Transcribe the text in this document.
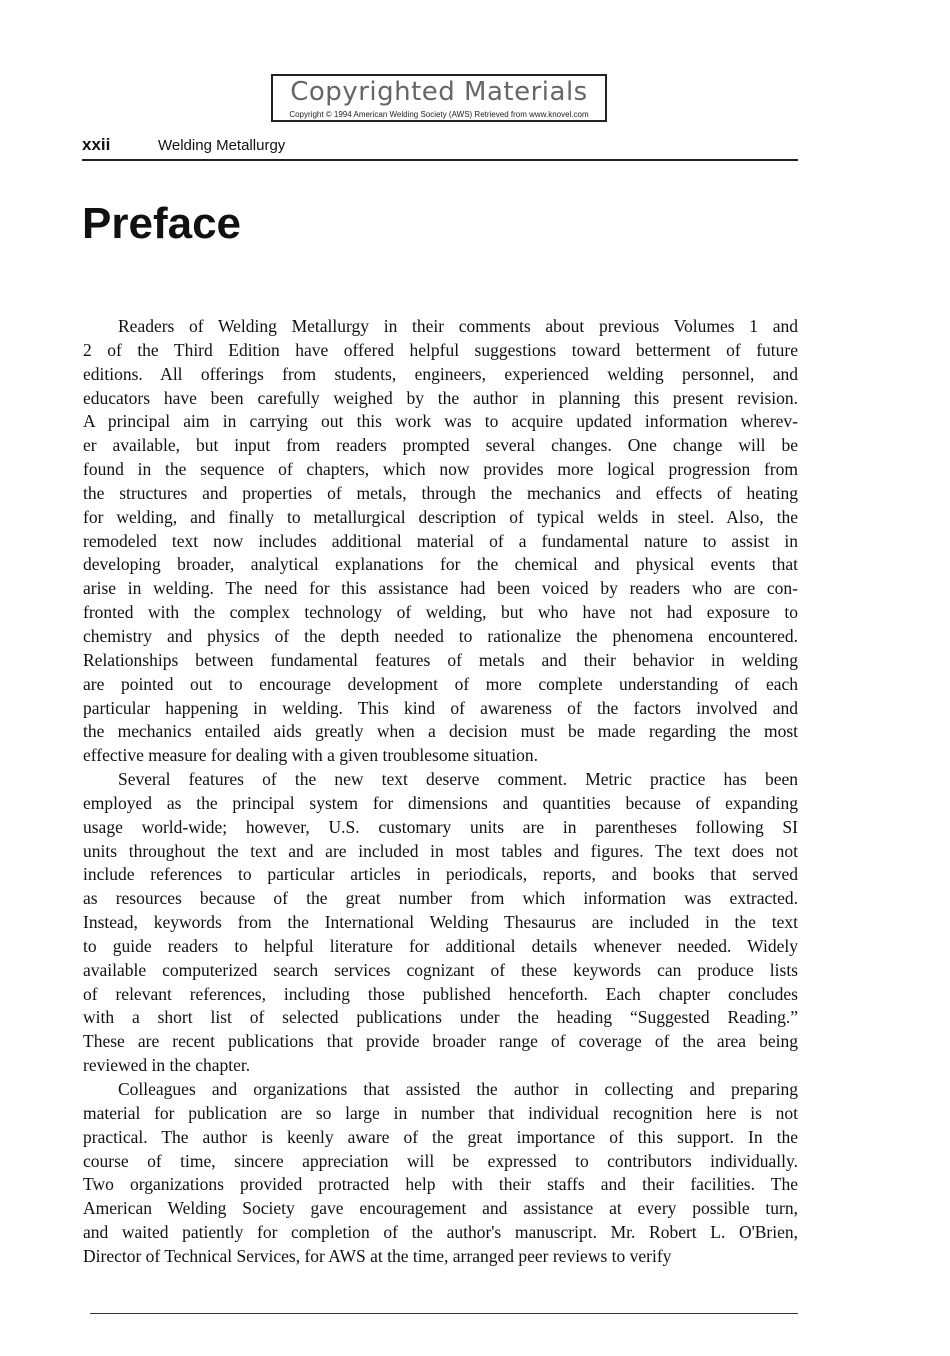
Copyrighted Materials
Copyright © 1994 American Welding Society (AWS) Retrieved from www.knovel.com
xxii	Welding Metallurgy
Preface
Readers of Welding Metallurgy in their comments about previous Volumes 1 and
2 of the Third Edition have offered helpful suggestions toward betterment of future
editions. All offerings from students, engineers, experienced welding personnel, and
educators have been carefully weighed by the author in planning this present revision.
A principal aim in carrying out this work was to acquire updated information wherev-
er available, but input from readers prompted several changes. One change will be
found in the sequence of chapters, which now provides more logical progression from
the structures and properties of metals, through the mechanics and effects of heating
for welding, and finally to metallurgical description of typical welds in steel. Also, the
remodeled text now includes additional material of a fundamental nature to assist in
developing broader, analytical explanations for the chemical and physical events that
arise in welding. The need for this assistance had been voiced by readers who are con-
fronted with the complex technology of welding, but who have not had exposure to
chemistry and physics of the depth needed to rationalize the phenomena encountered.
Relationships between fundamental features of metals and their behavior in welding
are pointed out to encourage development of more complete understanding of each
particular happening in welding. This kind of awareness of the factors involved and
the mechanics entailed aids greatly when a decision must be made regarding the most
effective measure for dealing with a given troublesome situation.
Several features of the new text deserve comment. Metric practice has been
employed as the principal system for dimensions and quantities because of expanding
usage world-wide; however, U.S. customary units are in parentheses following SI
units throughout the text and are included in most tables and figures. The text does not
include references to particular articles in periodicals, reports, and books that served
as resources because of the great number from which information was extracted.
Instead, keywords from the International Welding Thesaurus are included in the text
to guide readers to helpful literature for additional details whenever needed. Widely
available computerized search services cognizant of these keywords can produce lists
of relevant references, including those published henceforth. Each chapter concludes
with a short list of selected publications under the heading “Suggested Reading.”
These are recent publications that provide broader range of coverage of the area being
reviewed in the chapter.
Colleagues and organizations that assisted the author in collecting and preparing
material for publication are so large in number that individual recognition here is not
practical. The author is keenly aware of the great importance of this support. In the
course of time, sincere appreciation will be expressed to contributors individually.
Two organizations provided protracted help with their staffs and their facilities. The
American Welding Society gave encouragement and assistance at every possible turn,
and waited patiently for completion of the author's manuscript. Mr. Robert L. O'Brien,
Director of Technical Services, for AWS at the time, arranged peer reviews to verify
